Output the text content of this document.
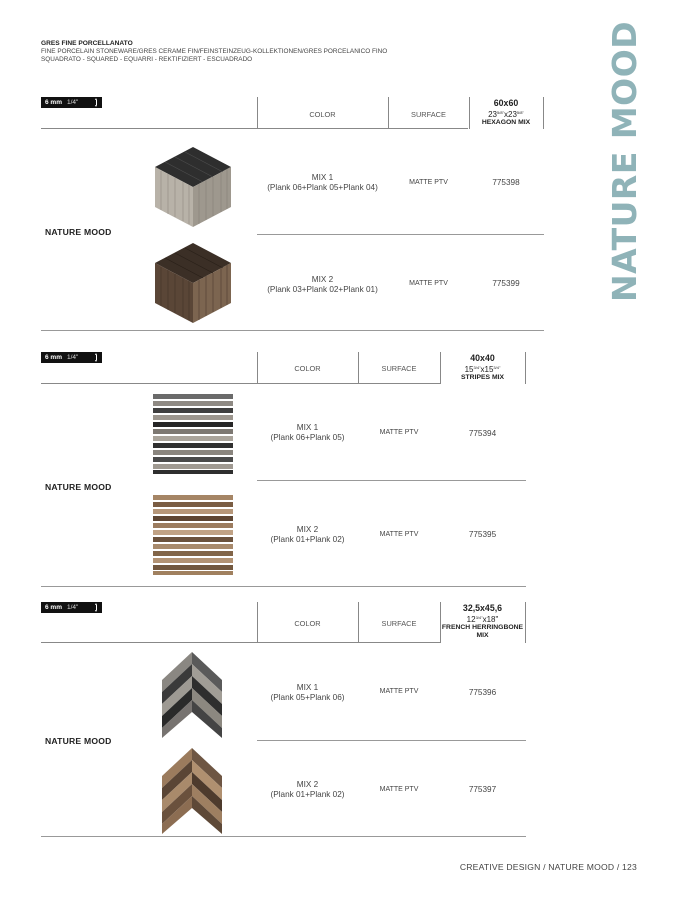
GRES FINE PORCELLANATO
FINE PORCELAIN STONEWARE/GRES CERAME FIN/FEINSTEINZEUG-KOLLEKTIONEN/GRES PORCELANICO FINO
SQUADRATO - SQUARED - EQUARRI - REKTIFIZIERT - ESCUADRADO	NATURE MOOD
6 mm 1/4"
COLOR	SURFACE
60x60
$23^{5/8"}x23^{5/8"}$
HEXAGON MIX
NATURE MOOD
MIX 1
(Plank 06+Plank 05+Plank 04)
MATTE PTV	775398
MIX 2
(Plank 03+Plank 02+Plank 01)
MATTE PTV	775399
6 mm 1/4"
COLOR	SURFACE
40x40
$15^{3/4"}x15^{3/4"}$
STRIPES MIX
NATURE MOOD
MIX 1
(Plank 06+Plank 05)
MATTE PTV	775394
MIX 2
(Plank 01+Plank 02)
MATTE PTV	775395
6 mm 1/4"
COLOR	SURFACE
32,5x45,6
$12^{3/4"}x18$"
FRENCH HERRINGBONE MIX
NATURE MOOD
MIX 1
(Plank 05+Plank 06)
MATTE PTV	775396
MIX 2
(Plank 01+Plank 02)
MATTE PTV	775397
CREATIVE DESIGN / NATURE MOOD / 123
